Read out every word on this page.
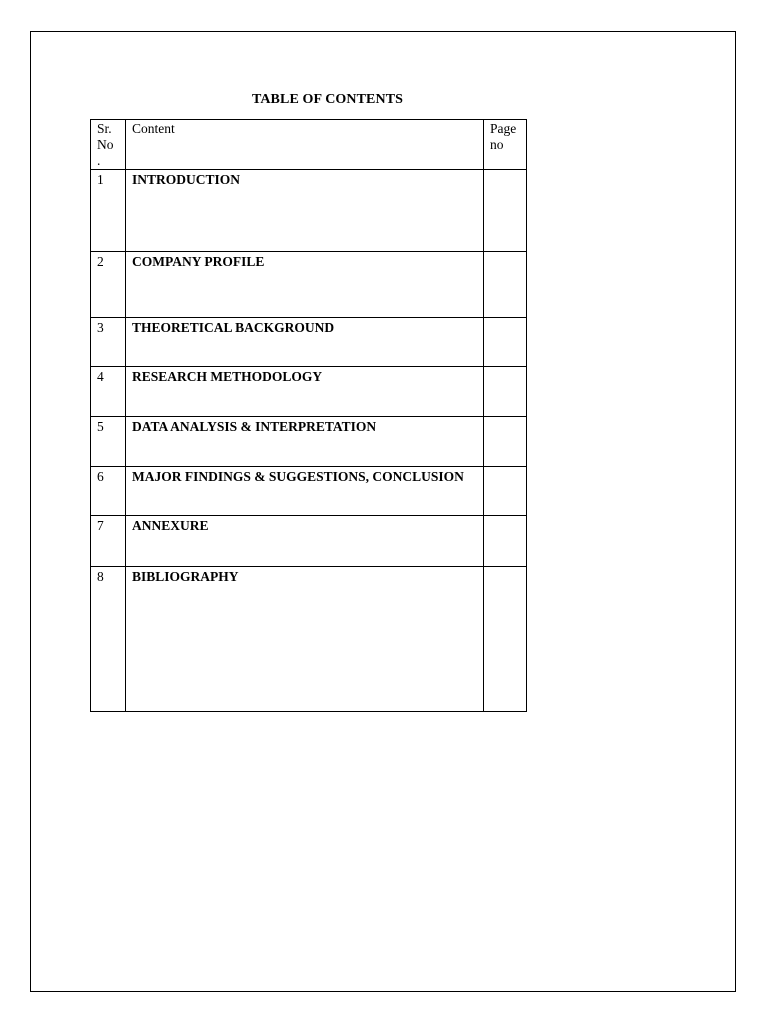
TABLE OF CONTENTS
Sr. No .	Content	Page no
1	INTRODUCTION	
2	COMPANY PROFILE	
3	THEORETICAL BACKGROUND	
4	RESEARCH METHODOLOGY	
5	DATA ANALYSIS & INTERPRETATION	
6	MAJOR FINDINGS & SUGGESTIONS, CONCLUSION	
7	ANNEXURE	
8	BIBLIOGRAPHY	
